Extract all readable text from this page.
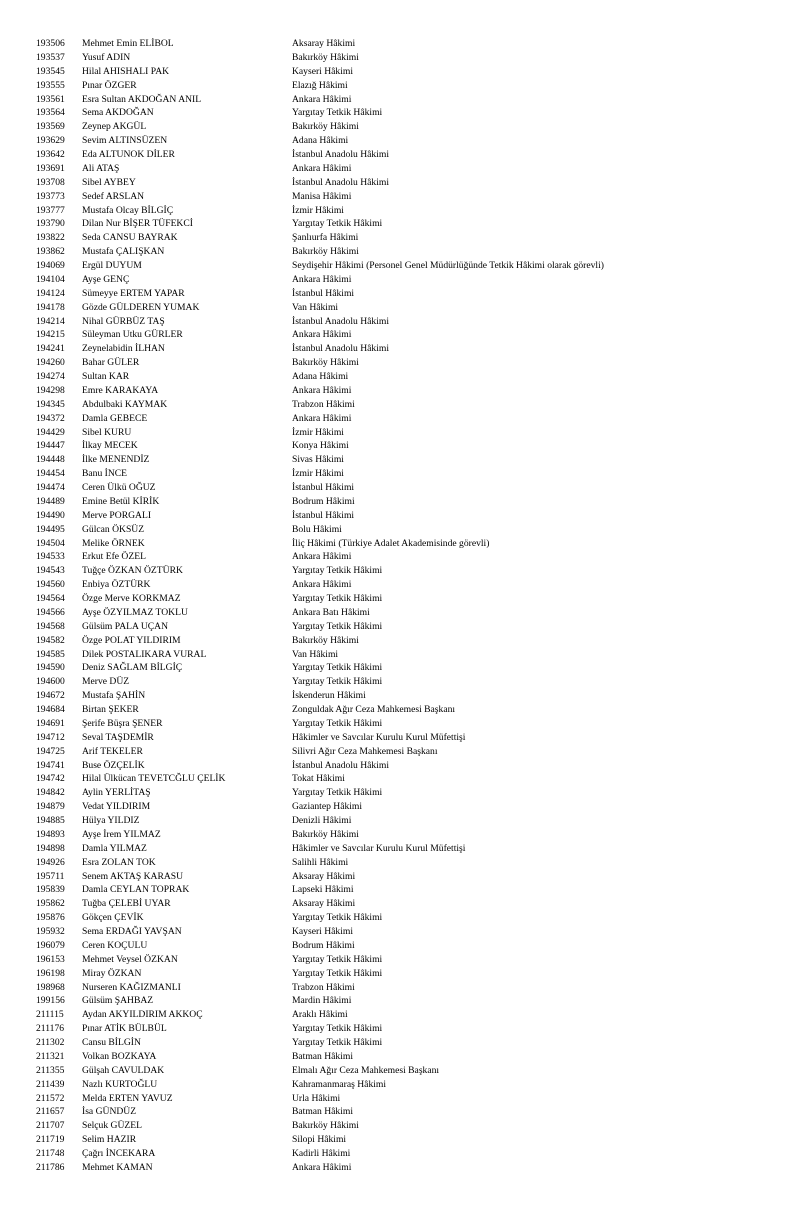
193506 Mehmet Emin ELİBOL	Aksaray Hâkimi
193537 Yusuf ADIN	Bakırköy Hâkimi
193545 Hilal AHISHALI PAK	Kayseri Hâkimi
193555 Pınar ÖZGER	Elazığ Hâkimi
193561 Esra Sultan AKDOĞAN ANIL	Ankara Hâkimi
193564 Sema AKDOĞAN	Yargıtay Tetkik Hâkimi
193569 Zeynep AKGÜL	Bakırköy Hâkimi
193629 Sevim ALTINSÜZEN	Adana Hâkimi
193642 Eda ALTUNOK DİLER	İstanbul Anadolu Hâkimi
193691 Ali ATAŞ	Ankara Hâkimi
193708 Sibel AYBEY	İstanbul Anadolu Hâkimi
193773 Sedef ARSLAN	Manisa Hâkimi
193777 Mustafa Olcay BİLGİÇ	İzmir Hâkimi
193790 Dilan Nur BİŞER TÜFEKCİ	Yargıtay Tetkik Hâkimi
193822 Seda CANSU BAYRAK	Şanlıurfa Hâkimi
193862 Mustafa ÇALIŞKAN	Bakırköy Hâkimi
194069 Ergül DUYUM	Seydişehir Hâkimi (Personel Genel Müdürlüğünde Tetkik Hâkimi olarak görevli)
194104 Ayşe GENÇ	Ankara Hâkimi
194124 Sümeyye ERTEM YAPAR	İstanbul Hâkimi
194178 Gözde GÜLDEREN YUMAK	Van Hâkimi
194214 Nihal GÜRBÜZ TAŞ	İstanbul Anadolu Hâkimi
194215 Süleyman Utku GÜRLER	Ankara Hâkimi
194241 Zeynelabidin İLHAN	İstanbul Anadolu Hâkimi
194260 Bahar GÜLER	Bakırköy Hâkimi
194274 Sultan KAR	Adana Hâkimi
194298 Emre KARAKAYA	Ankara Hâkimi
194345 Abdulbaki KAYMAK	Trabzon Hâkimi
194372 Damla GEBECE	Ankara Hâkimi
194429 Sibel KURU	İzmir Hâkimi
194447 İlkay MECEK	Konya Hâkimi
194448 İlke MENENDİZ	Sivas Hâkimi
194454 Banu İNCE	İzmir Hâkimi
194474 Ceren Ülkü OĞUZ	İstanbul Hâkimi
194489 Emine Betül KİRİK	Bodrum Hâkimi
194490 Merve PORGALI	İstanbul Hâkimi
194495 Gülcan ÖKSÜZ	Bolu Hâkimi
194504 Melike ÖRNEK	İliç Hâkimi (Türkiye Adalet Akademisinde görevli)
194533 Erkut Efe ÖZEL	Ankara Hâkimi
194543 Tuğçe ÖZKAN ÖZTÜRK	Yargıtay Tetkik Hâkimi
194560 Enbiya ÖZTÜRK	Ankara Hâkimi
194564 Özge Merve KORKMAZ	Yargıtay Tetkik Hâkimi
194566 Ayşe ÖZYILMAZ TOKLU	Ankara Batı Hâkimi
194568 Gülsüm PALA UÇAN	Yargıtay Tetkik Hâkimi
194582 Özge POLAT YILDIRIM	Bakırköy Hâkimi
194585 Dilek POSTALIKARA VURAL	Van Hâkimi
194590 Deniz SAĞLAM BİLGİÇ	Yargıtay Tetkik Hâkimi
194600 Merve DÜZ	Yargıtay Tetkik Hâkimi
194672 Mustafa ŞAHİN	İskenderun Hâkimi
194684 Birtan ŞEKER	Zonguldak Ağır Ceza Mahkemesi Başkanı
194691 Şerife Büşra ŞENER	Yargıtay Tetkik Hâkimi
194712 Seval TAŞDEMİR	Hâkimler ve Savcılar Kurulu Kurul Müfettişi
194725 Arif TEKELER	Silivri Ağır Ceza Mahkemesi Başkanı
194741 Buse ÖZÇELİK	İstanbul Anadolu Hâkimi
194742 Hilal Ülkücan TEVETCĞLU ÇELİK	Tokat Hâkimi
194842 Aylin YERLİTAŞ	Yargıtay Tetkik Hâkimi
194879 Vedat YILDIRIM	Gaziantep Hâkimi
194885 Hülya YILDIZ	Denizli Hâkimi
194893 Ayşe İrem YILMAZ	Bakırköy Hâkimi
194898 Damla YILMAZ	Hâkimler ve Savcılar Kurulu Kurul Müfettişi
194926 Esra ZOLAN TOK	Salihli Hâkimi
195711 Senem AKTAŞ KARASU	Aksaray Hâkimi
195839 Damla CEYLAN TOPRAK	Lapseki Hâkimi
195862 Tuğba ÇELEBİ UYAR	Aksaray Hâkimi
195876 Gökçen ÇEVİK	Yargıtay Tetkik Hâkimi
195932 Sema ERDAĞI YAVŞAN	Kayseri Hâkimi
196079 Ceren KOÇULU	Bodrum Hâkimi
196153 Mehmet Veysel ÖZKAN	Yargıtay Tetkik Hâkimi
196198 Miray ÖZKAN	Yargıtay Tetkik Hâkimi
198968 Nurseren KAĞIZMANLI	Trabzon Hâkimi
199156 Gülsüm ŞAHBAZ	Mardin Hâkimi
211115 Aydan AKYILDIRIM AKKOÇ	Araklı Hâkimi
211176 Pınar ATİK BÜLBÜL	Yargıtay Tetkik Hâkimi
211302 Cansu BİLGİN	Yargıtay Tetkik Hâkimi
211321 Volkan BOZKAYA	Batman Hâkimi
211355 Gülşah CAVULDAK	Elmalı Ağır Ceza Mahkemesi Başkanı
211439 Nazlı KURTOĞLU	Kahramanmaraş Hâkimi
211572 Melda ERTEN YAVUZ	Urla Hâkimi
211657 İsa GÜNDÜZ	Batman Hâkimi
211707 Selçuk GÜZEL	Bakırköy Hâkimi
211719 Selim HAZIR	Silopi Hâkimi
211748 Çağrı İNCEKARA	Kadirli Hâkimi
211786 Mehmet KAMAN	Ankara Hâkimi
